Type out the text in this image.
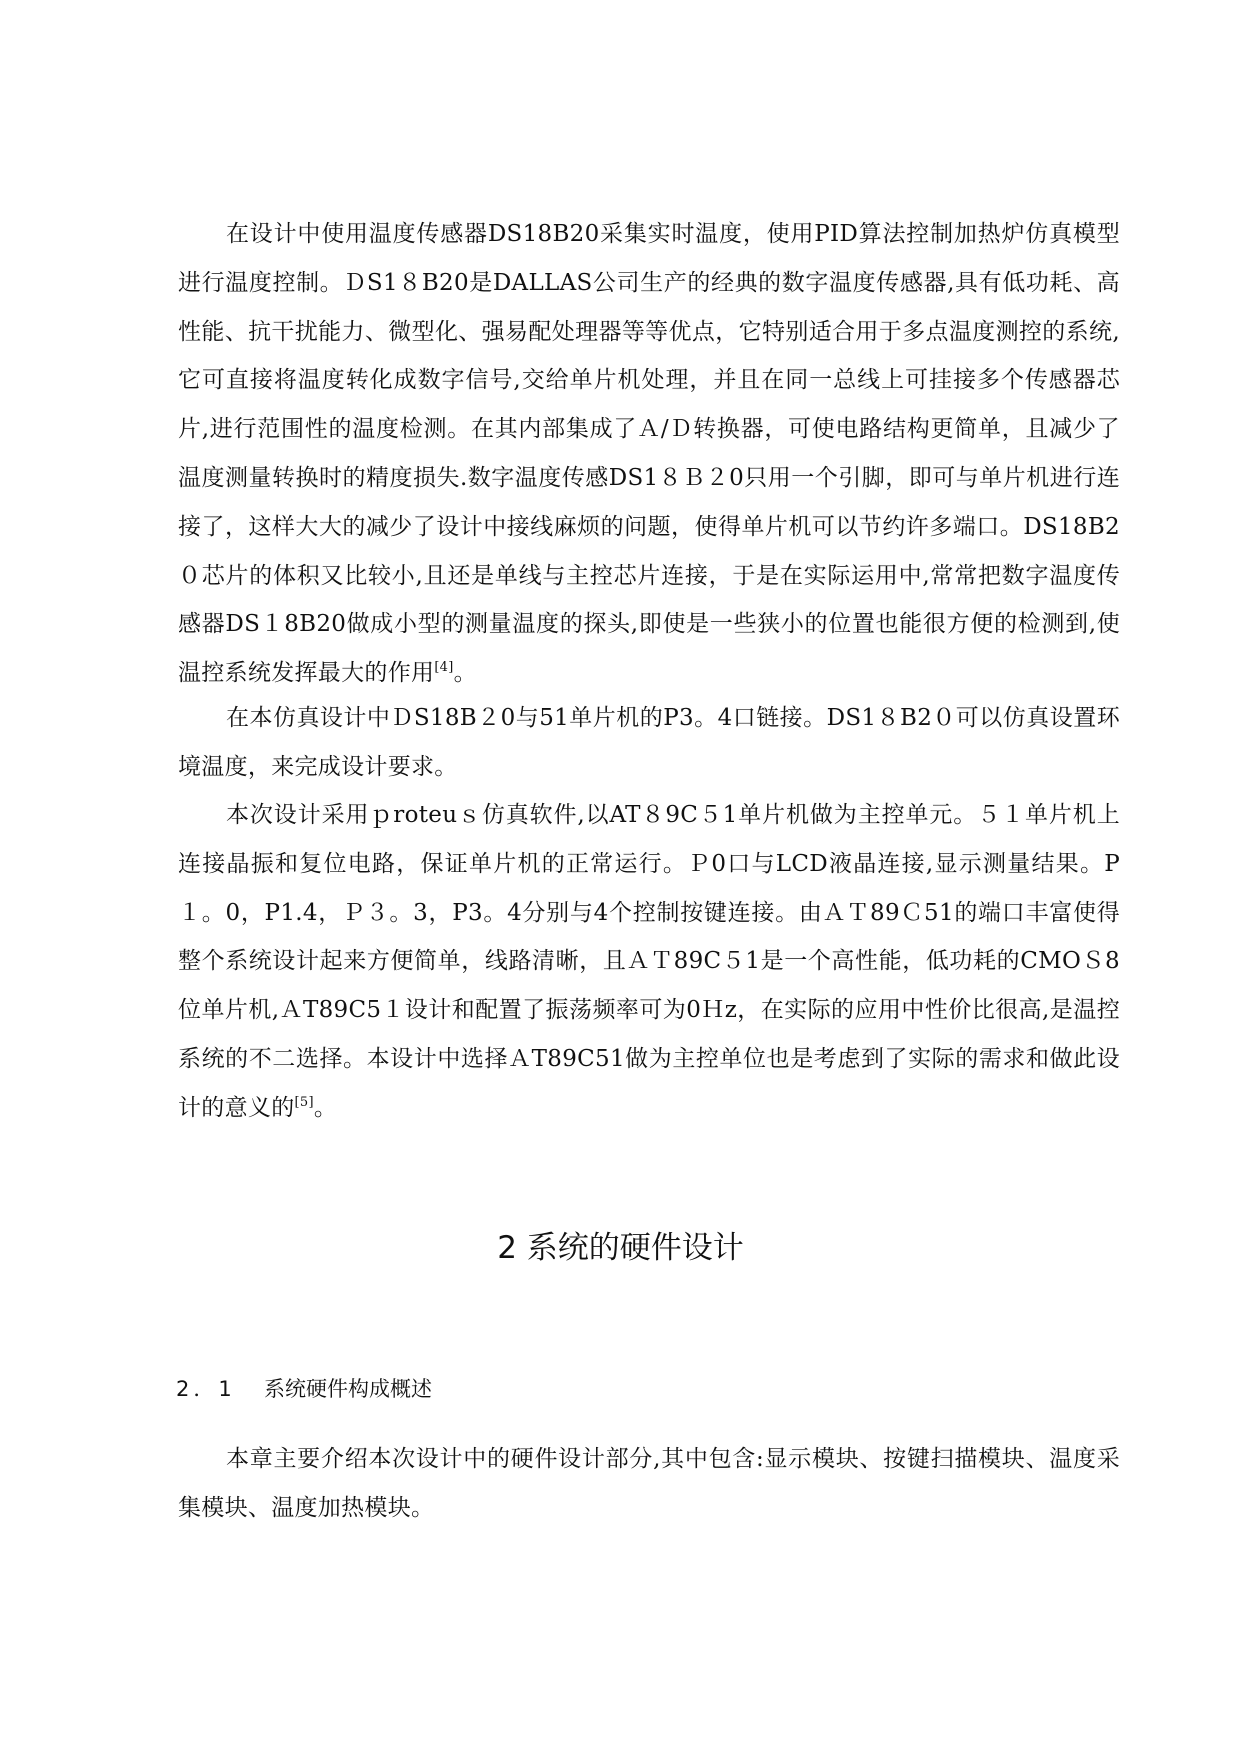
在设计中使用温度传感器DS18B20采集实时温度，使用PID算法控制加热炉仿真模型进行温度控制。ＤS1８B20是DALLAS公司生产的经典的数字温度传感器,具有低功耗、高性能、抗干扰能力、微型化、强易配处理器等等优点，它特别适合用于多点温度测控的系统,它可直接将温度转化成数字信号,交给单片机处理，并且在同一总线上可挂接多个传感器芯片,进行范围性的温度检测。在其内部集成了Ａ/Ｄ转换器，可使电路结构更简单，且减少了温度测量转换时的精度损失.数字温度传感DS1８Ｂ２0只用一个引脚，即可与单片机进行连接了，这样大大的减少了设计中接线麻烦的问题，使得单片机可以节约许多端口。DS18B2０芯片的体积又比较小,且还是单线与主控芯片连接，于是在实际运用中,常常把数字温度传感器DS１8B20做成小型的测量温度的探头,即使是一些狭小的位置也能很方便的检测到,使温控系统发挥最大的作用[4]。

在本仿真设计中ＤS18B２0与51单片机的P3。4口链接。DS1８B2０可以仿真设置环境温度，来完成设计要求。

本次设计采用ｐroteuｓ仿真软件,以AT８9C５1单片机做为主控单元。５１单片机上连接晶振和复位电路，保证单片机的正常运行。Ｐ0口与LCD液晶连接,显示测量结果。P１。0，P1.4，Ｐ３。3，P3。4分别与4个控制按键连接。由ＡＴ89Ｃ51的端口丰富使得整个系统设计起来方便简单，线路清晰，且ＡＴ89C５1是一个高性能，低功耗的CMOＳ8位单片机,ＡT89C5１设计和配置了振荡频率可为0Ｈz，在实际的应用中性价比很高,是温控系统的不二选择。本设计中选择ＡT89C51做为主控单位也是考虑到了实际的需求和做此设计的意义的[5]。

2 系统的硬件设计
2．1 系统硬件构成概述

本章主要介绍本次设计中的硬件设计部分,其中包含:显示模块、按键扫描模块、温度采集模块、温度加热模块。
